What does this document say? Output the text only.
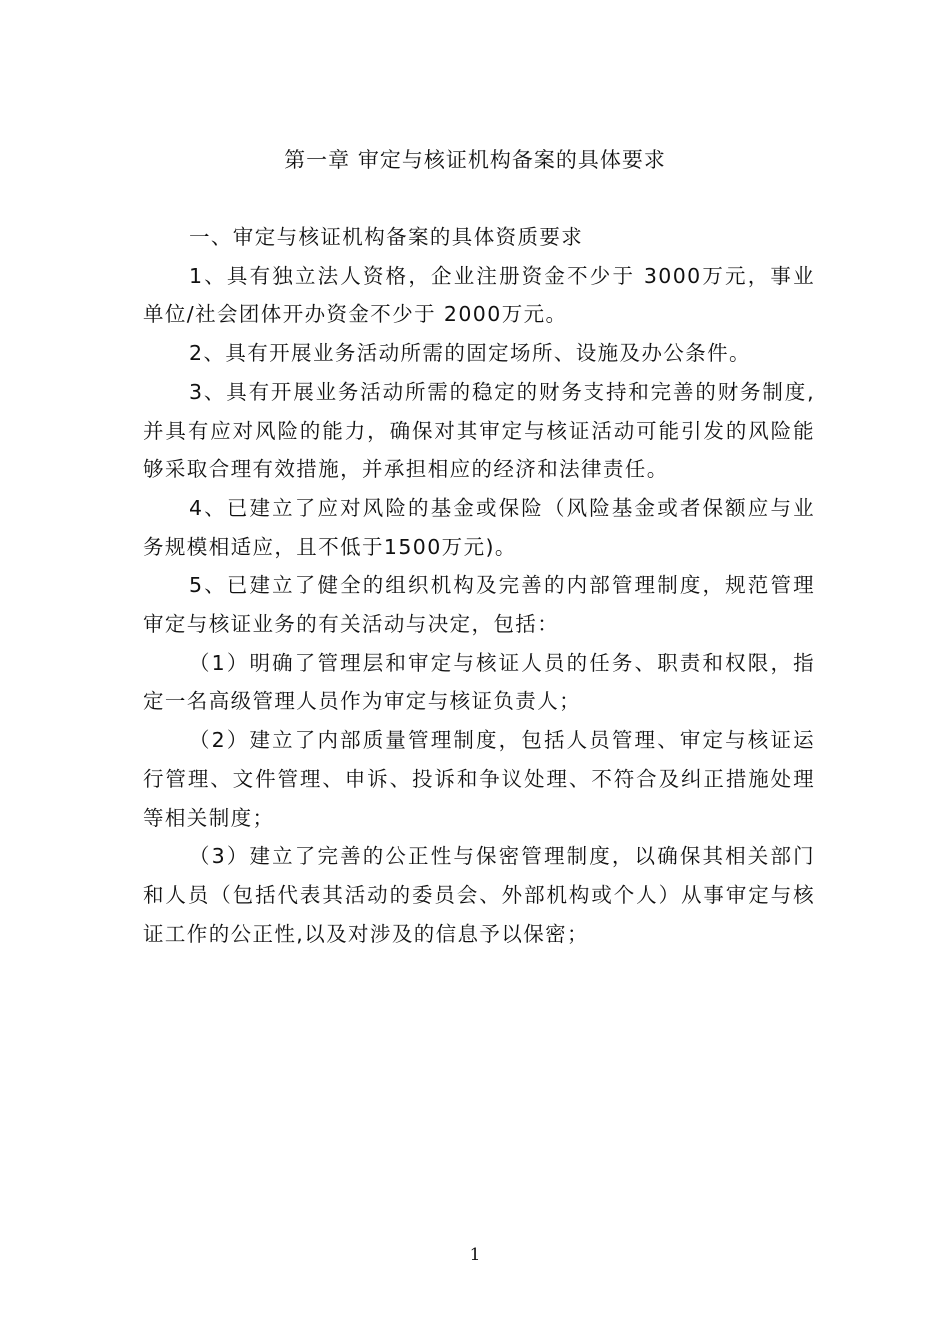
第一章 审定与核证机构备案的具体要求

一、审定与核证机构备案的具体资质要求

1、具有独立法人资格，企业注册资金不少于 3000万元，事业单位/社会团体开办资金不少于 2000万元。

2、具有开展业务活动所需的固定场所、设施及办公条件。

3、具有开展业务活动所需的稳定的财务支持和完善的财务制度,并具有应对风险的能力，确保对其审定与核证活动可能引发的风险能够采取合理有效措施，并承担相应的经济和法律责任。

4、已建立了应对风险的基金或保险（风险基金或者保额应与业务规模相适应，且不低于1500万元)。

5、已建立了健全的组织机构及完善的内部管理制度，规范管理审定与核证业务的有关活动与决定，包括：

（1）明确了管理层和审定与核证人员的任务、职责和权限，指定一名高级管理人员作为审定与核证负责人；

（2）建立了内部质量管理制度，包括人员管理、审定与核证运行管理、文件管理、申诉、投诉和争议处理、不符合及纠正措施处理等相关制度；

（3）建立了完善的公正性与保密管理制度，以确保其相关部门和人员（包括代表其活动的委员会、外部机构或个人）从事审定与核证工作的公正性,以及对涉及的信息予以保密；

1
